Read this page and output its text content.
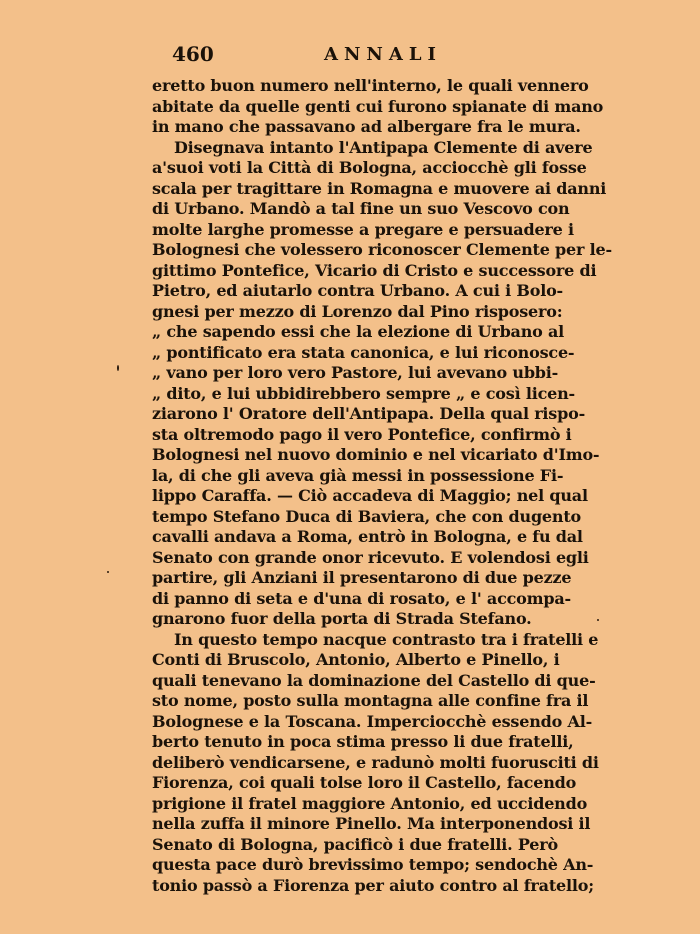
460	ANNALI
eretto buon numero nell'interno, le quali vennero
abitate da quelle genti cui furono spianate di mano
in mano che passavano ad albergare fra le mura.
Disegnava intanto l'Antipapa Clemente di avere
a'suoi voti la Città di Bologna, acciocchè gli fosse
scala per tragittare in Romagna e muovere ai danni
di Urbano. Mandò a tal fine un suo Vescovo con
molte larghe promesse a pregare e persuadere i
Bolognesi che volessero riconoscer Clemente per le-
gittimo Pontefice, Vicario di Cristo e successore di
Pietro, ed aiutarlo contra Urbano. A cui i Bolo-
gnesi per mezzo di Lorenzo dal Pino risposero:
„ che sapendo essi che la elezione di Urbano al
„ pontificato era stata canonica, e lui riconosce-
„ vano per loro vero Pastore, lui avevano ubbi-
„ dito, e lui ubbidirebbero sempre „ e così licen-
ziarono l' Oratore dell'Antipapa. Della qual rispo-
sta oltremodo pago il vero Pontefice, confirmò i
Bolognesi nel nuovo dominio e nel vicariato d'Imo-
la, di che gli aveva già messi in possessione Fi-
lippo Caraffa. — Ciò accadeva di Maggio; nel qual
tempo Stefano Duca di Baviera, che con dugento
cavalli andava a Roma, entrò in Bologna, e fu dal
Senato con grande onor ricevuto. E volendosi egli
partire, gli Anziani il presentarono di due pezze
di panno di seta e d'una di rosato, e l' accompa-
gnarono fuor della porta di Strada Stefano.
In questo tempo nacque contrasto tra i fratelli e
Conti di Bruscolo, Antonio, Alberto e Pinello, i
quali tenevano la dominazione del Castello di que-
sto nome, posto sulla montagna alle confine fra il
Bolognese e la Toscana. Imperciocchè essendo Al-
berto tenuto in poca stima presso li due fratelli,
deliberò vendicarsene, e radunò molti fuorusciti di
Fiorenza, coi quali tolse loro il Castello, facendo
prigione il fratel maggiore Antonio, ed uccidendo
nella zuffa il minore Pinello. Ma interponendosi il
Senato di Bologna, pacificò i due fratelli. Però
questa pace durò brevissimo tempo; sendochè An-
tonio passò a Fiorenza per aiuto contro al fratello;
